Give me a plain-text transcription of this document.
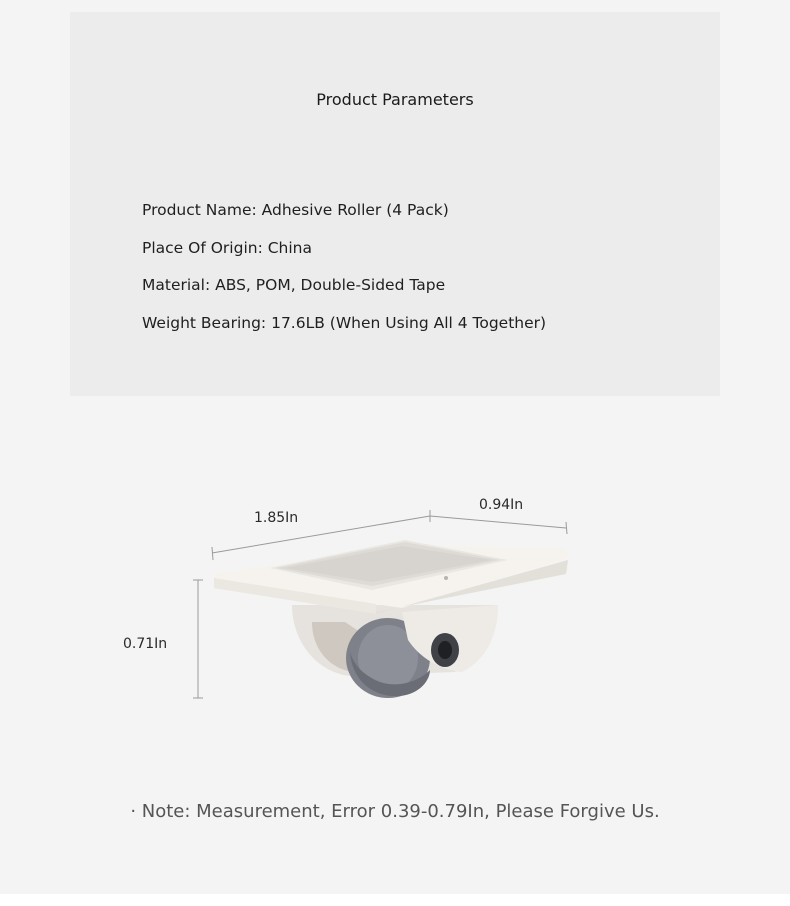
Product Parameters
Product Name: Adhesive Roller (4 Pack)
Place Of Origin: China
Material: ABS, POM, Double-Sided Tape
Weight Bearing: 17.6LB (When Using All 4 Together)
1.85In
0.94In
0.71In
· Note: Measurement, Error 0.39-0.79In, Please Forgive Us.
